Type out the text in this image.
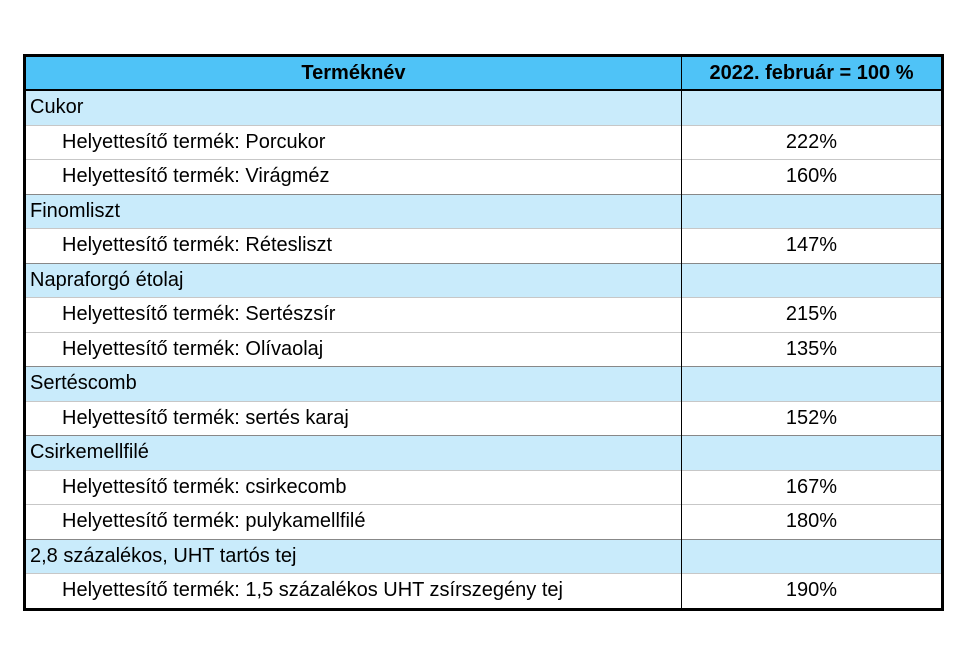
Terméknév	2022. február = 100 %
Cukor	
Helyettesítő termék: Porcukor	222%
Helyettesítő termék: Virágméz	160%
Finomliszt	
Helyettesítő termék: Rétesliszt	147%
Napraforgó étolaj	
Helyettesítő termék: Sertészsír	215%
Helyettesítő termék: Olívaolaj	135%
Sertéscomb	
Helyettesítő termék: sertés karaj	152%
Csirkemellfilé	
Helyettesítő termék: csirkecomb	167%
Helyettesítő termék: pulykamellfilé	180%
2,8 százalékos, UHT tartós tej	
Helyettesítő termék: 1,5 százalékos UHT zsírszegény tej	190%
